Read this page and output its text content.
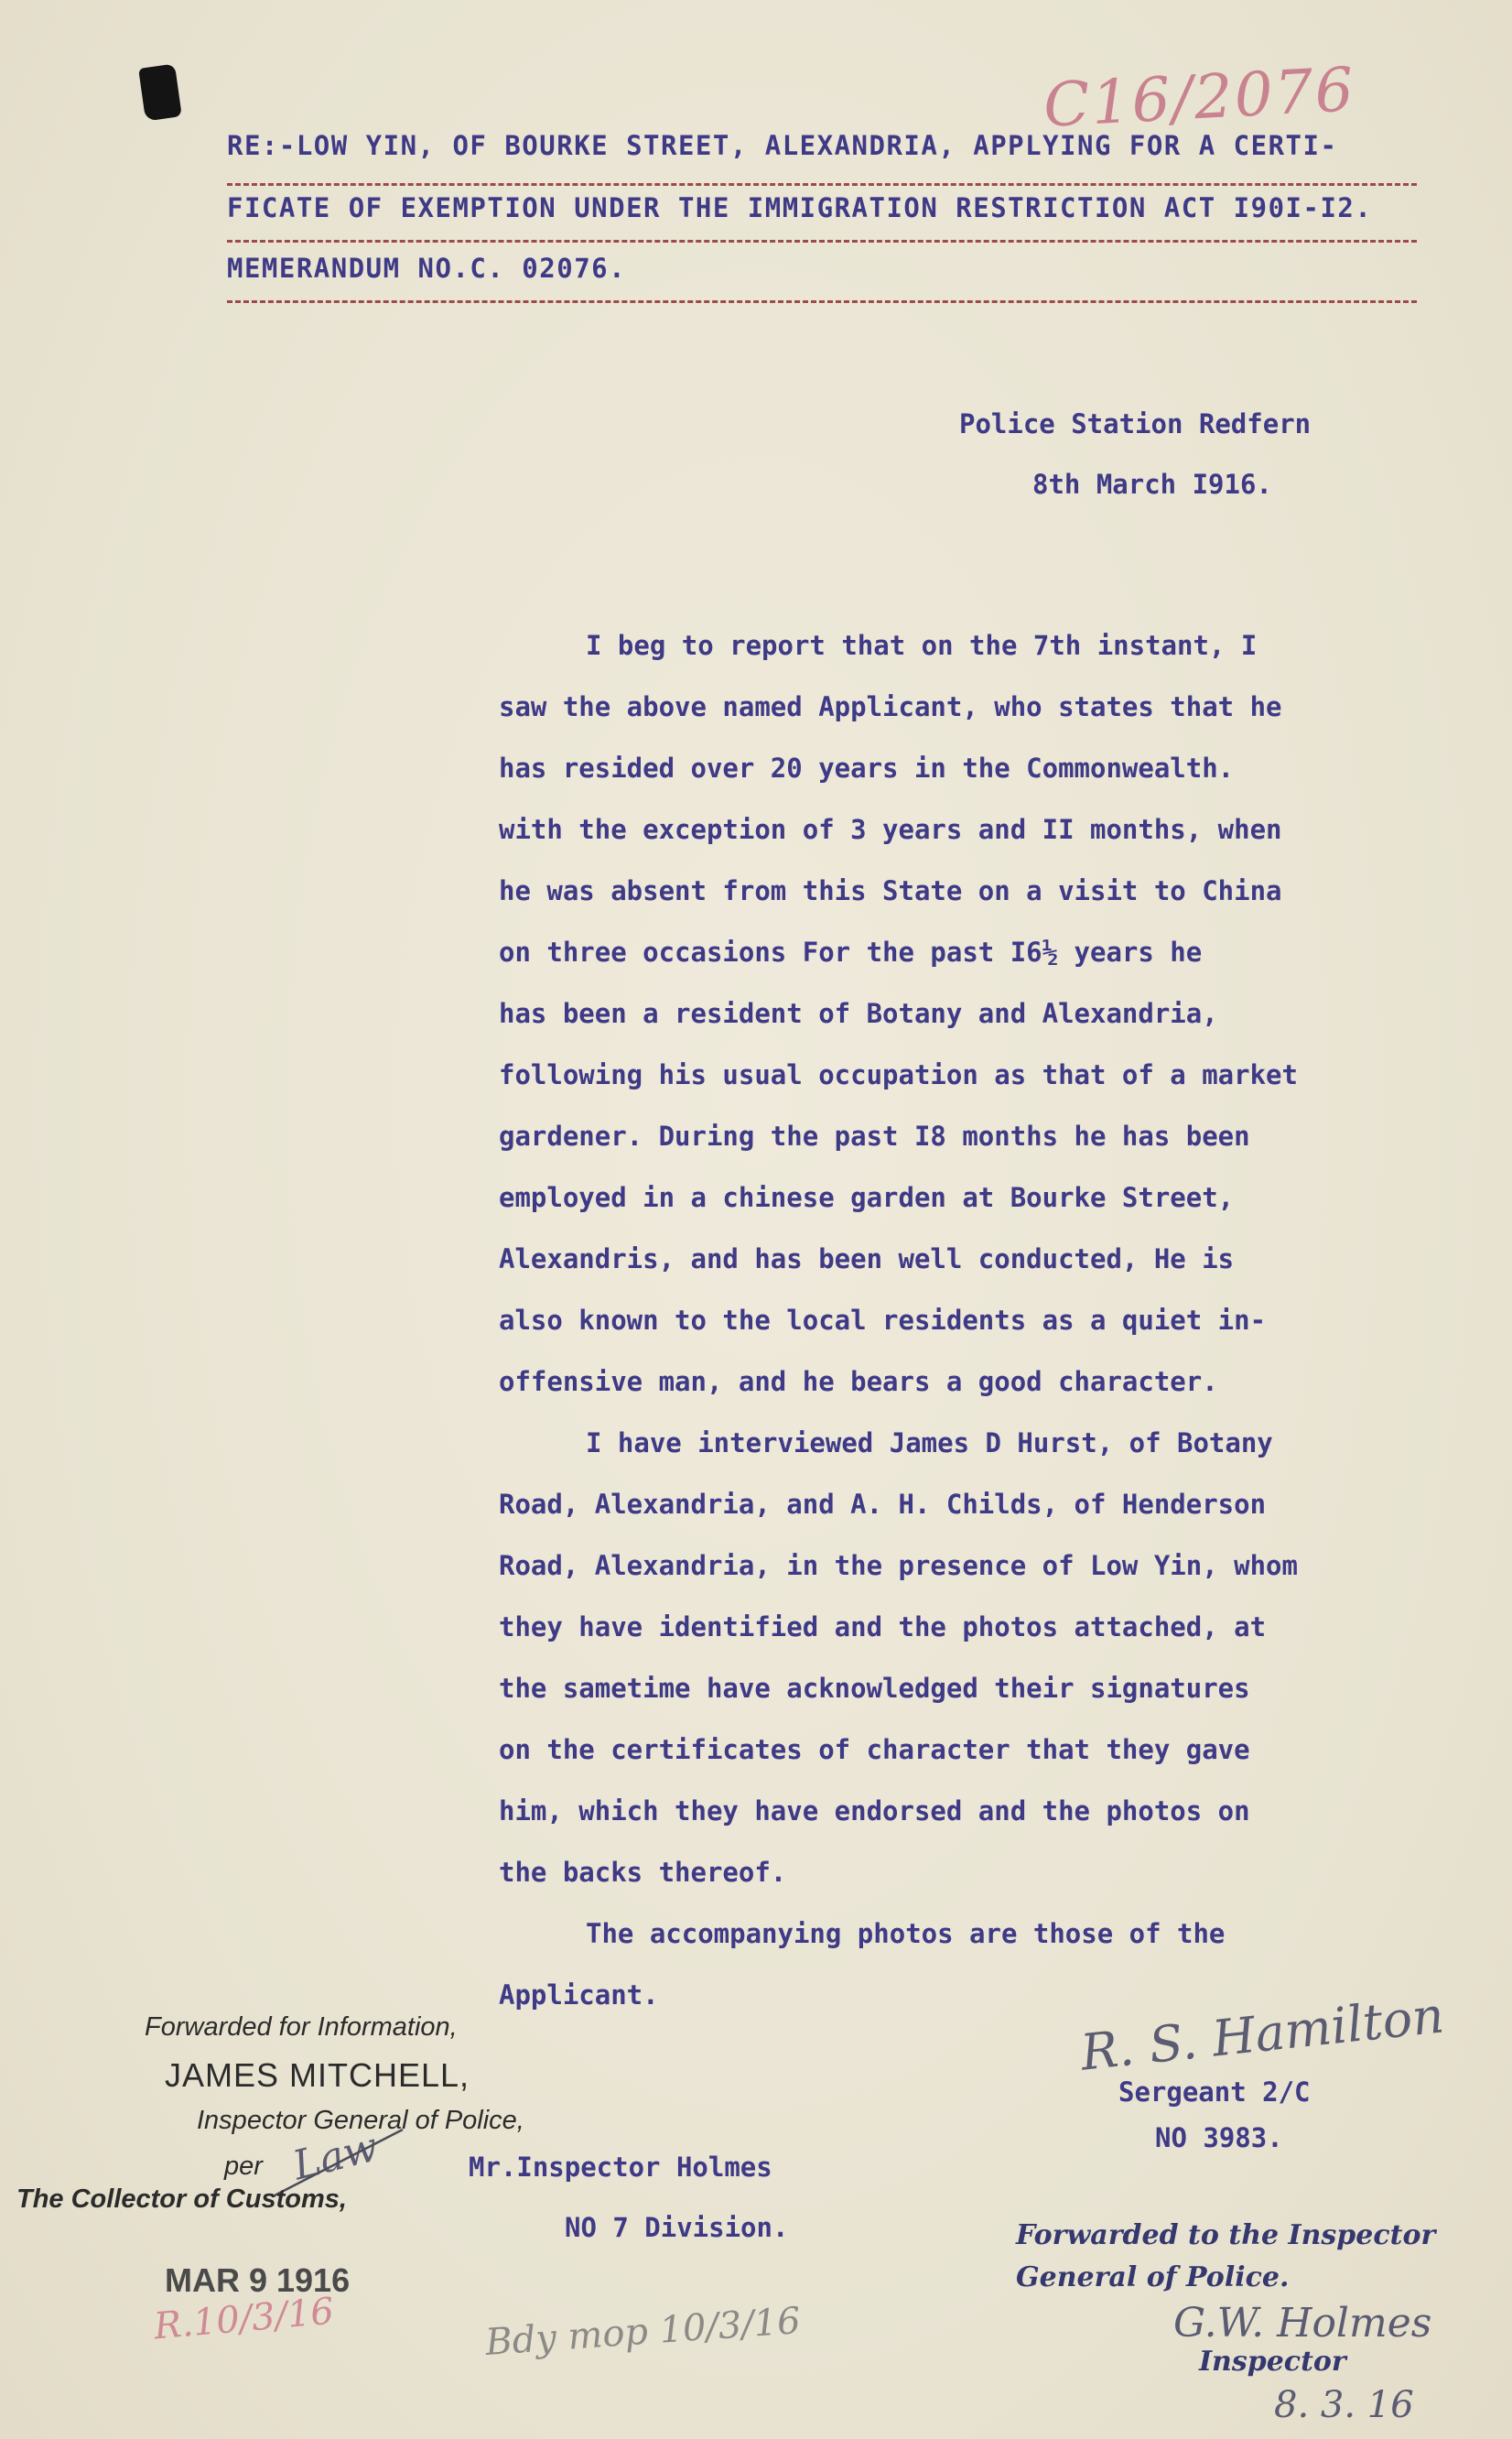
C16/2076
RE:-LOW YIN, OF BOURKE STREET, ALEXANDRIA, APPLYING FOR A CERTI-
FICATE OF EXEMPTION UNDER THE IMMIGRATION RESTRICTION ACT I90I-I2.
MEMERANDUM NO.C. 02076.
Police Station Redfern
8th March I916.

I beg to report that on the 7th instant, I

saw the above named Applicant, who states that he

has resided over 20 years in the Commonwealth.

with the exception of 3 years and II months, when

he was absent from this State on a visit to China

on three occasions For the past I6½ years he

has been a resident of Botany and Alexandria,

following his usual occupation as that of a market

gardener. During the past I8 months he has been

employed in a chinese garden at Bourke Street,

Alexandris, and has been well conducted, He is

also known to the local residents as a quiet in-

offensive man, and he bears a good character.

I have interviewed James D Hurst, of Botany

Road, Alexandria, and A. H. Childs, of Henderson

Road, Alexandria, in the presence of Low Yin, whom

they have identified and the photos attached, at

the sametime have acknowledged their signatures

on the certificates of character that they gave

him, which they have endorsed and the photos on

the backs thereof.

The accompanying photos are those of the

Applicant.

Forwarded for Information,
JAMES MITCHELL,
Inspector General of Police,
per Law
The Collector of Customs,
MAR 9 1916
Mr.Inspector Holmes
NO 7 Division.
R. S. Hamilton
Sergeant 2/C
NO 3983.
Forwarded to the Inspector
General of Police.
G.W. Holmes
Inspector
8. 3. 16
R.10/3/16	Bdy mop 10/3/16
